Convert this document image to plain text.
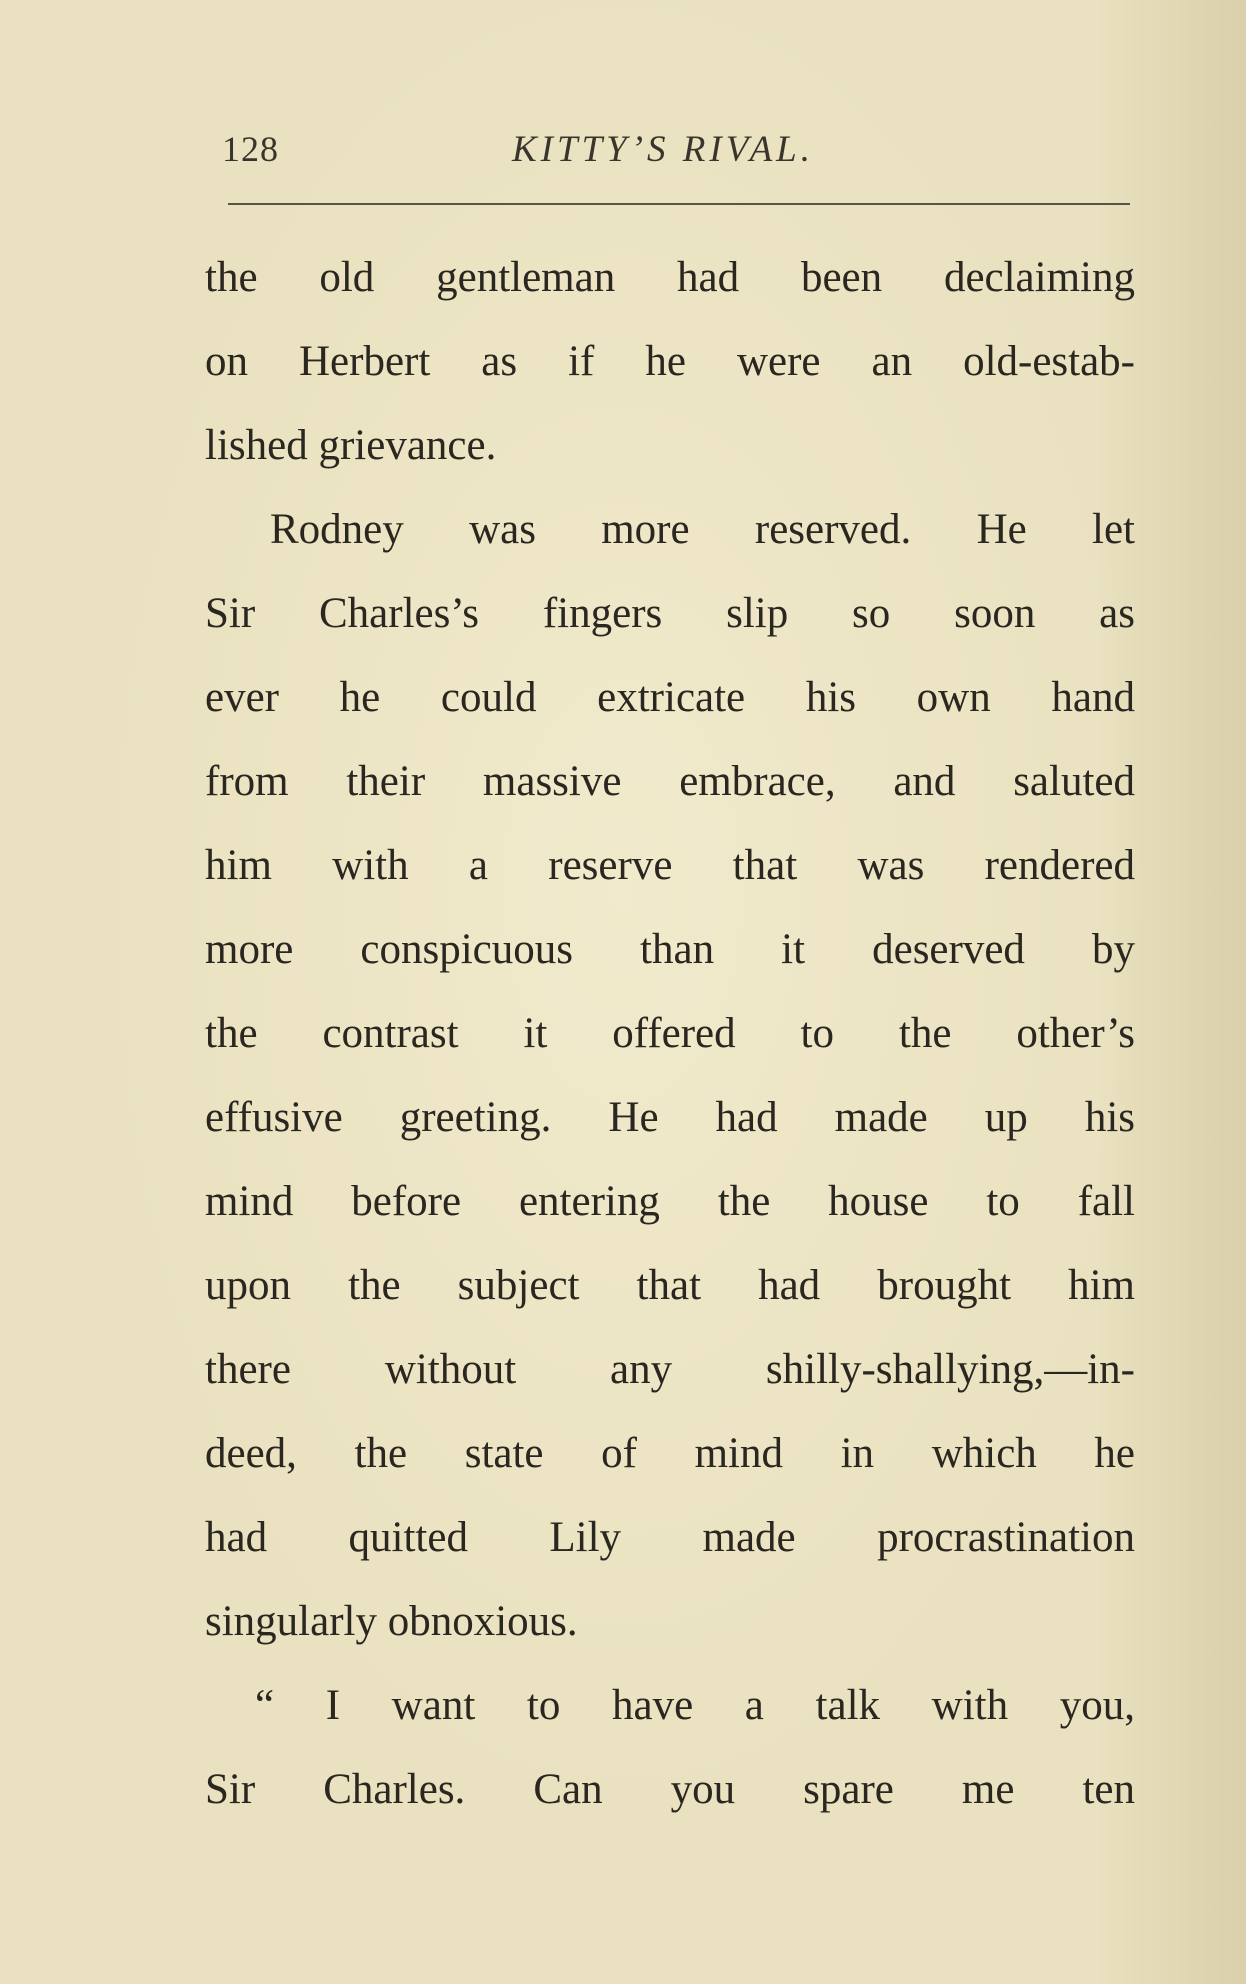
128	KITTY’S RIVAL.
the old gentleman had been declaiming
on Herbert as if he were an old-estab-
lished grievance.
Rodney was more reserved. He let
Sir Charles’s fingers slip so soon as
ever he could extricate his own hand
from their massive embrace, and saluted
him with a reserve that was rendered
more conspicuous than it deserved by
the contrast it offered to the other’s
effusive greeting. He had made up his
mind before entering the house to fall
upon the subject that had brought him
there without any shilly-shallying,—in-
deed, the state of mind in which he
had quitted Lily made procrastination
singularly obnoxious.
“ I want to have a talk with you,
Sir Charles. Can you spare me ten
